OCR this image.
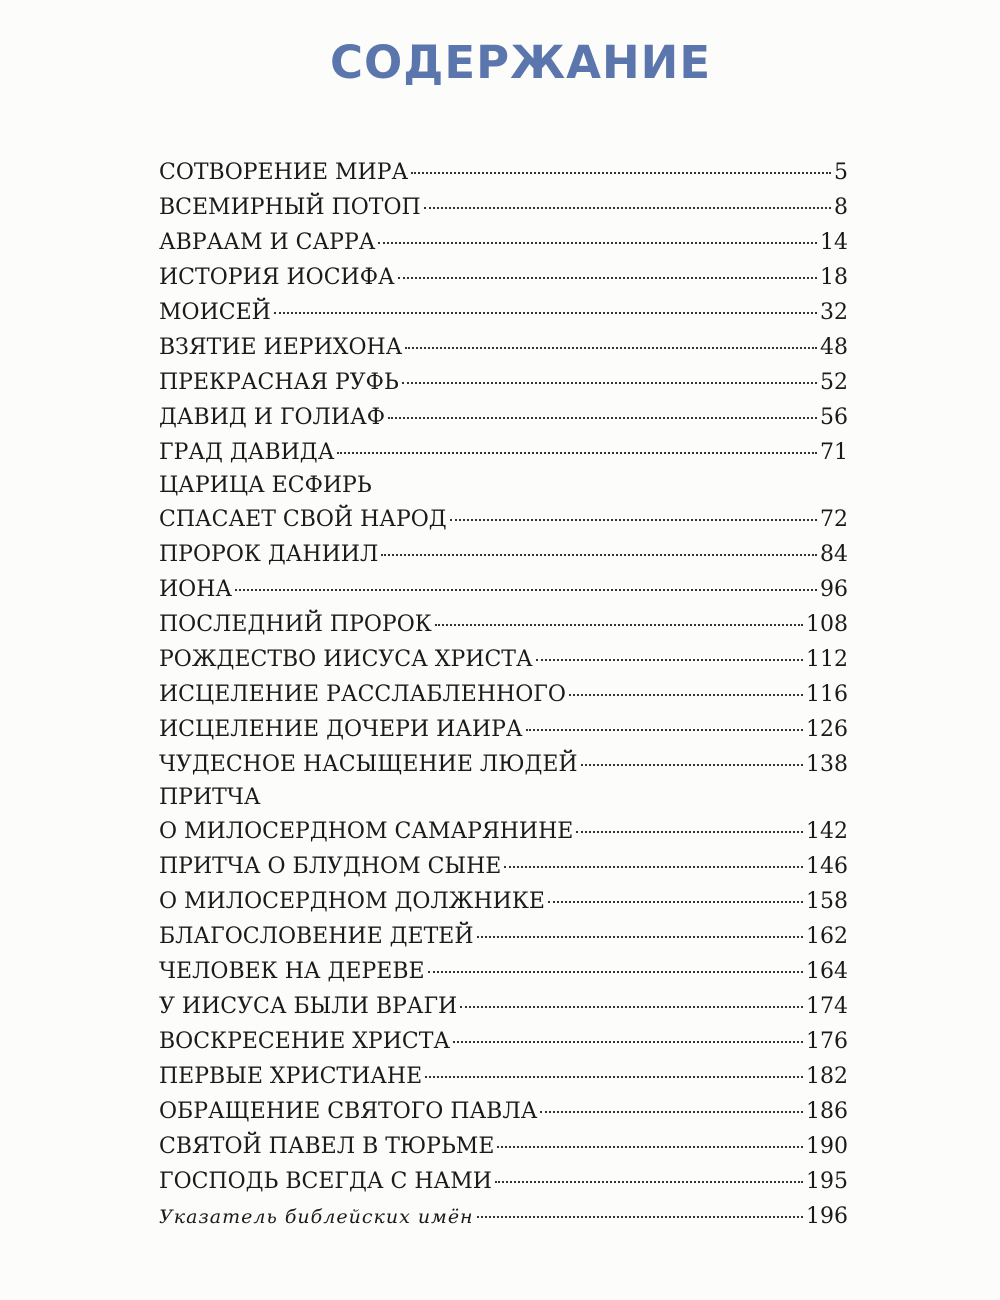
СОДЕРЖАНИЕ
СОТВОРЕНИЕ МИРА	5
ВСЕМИРНЫЙ ПОТОП	8
АВРААМ И САРРА	14
ИСТОРИЯ ИОСИФА	18
МОИСЕЙ	32
ВЗЯТИЕ ИЕРИХОНА	48
ПРЕКРАСНАЯ РУФЬ	52
ДАВИД И ГОЛИАФ	56
ГРАД ДАВИДА	71
ЦАРИЦА ЕСФИРЬ
СПАСАЕТ СВОЙ НАРОД	72
ПРОРОК ДАНИИЛ	84
ИОНА	96
ПОСЛЕДНИЙ ПРОРОК	108
РОЖДЕСТВО ИИСУСА ХРИСТА	112
ИСЦЕЛЕНИЕ РАССЛАБЛЕННОГО	116
ИСЦЕЛЕНИЕ ДОЧЕРИ ИАИРА	126
ЧУДЕСНОЕ НАСЫЩЕНИЕ ЛЮДЕЙ	138
ПРИТЧА
О МИЛОСЕРДНОМ САМАРЯНИНЕ	142
ПРИТЧА О БЛУДНОМ СЫНЕ	146
О МИЛОСЕРДНОМ ДОЛЖНИКЕ	158
БЛАГОСЛОВЕНИЕ ДЕТЕЙ	162
ЧЕЛОВЕК НА ДЕРЕВЕ	164
У ИИСУСА БЫЛИ ВРАГИ	174
ВОСКРЕСЕНИЕ ХРИСТА	176
ПЕРВЫЕ ХРИСТИАНЕ	182
ОБРАЩЕНИЕ СВЯТОГО ПАВЛА	186
СВЯТОЙ ПАВЕЛ В ТЮРЬМЕ	190
ГОСПОДЬ ВСЕГДА С НАМИ	195
Указатель библейских имён	196
